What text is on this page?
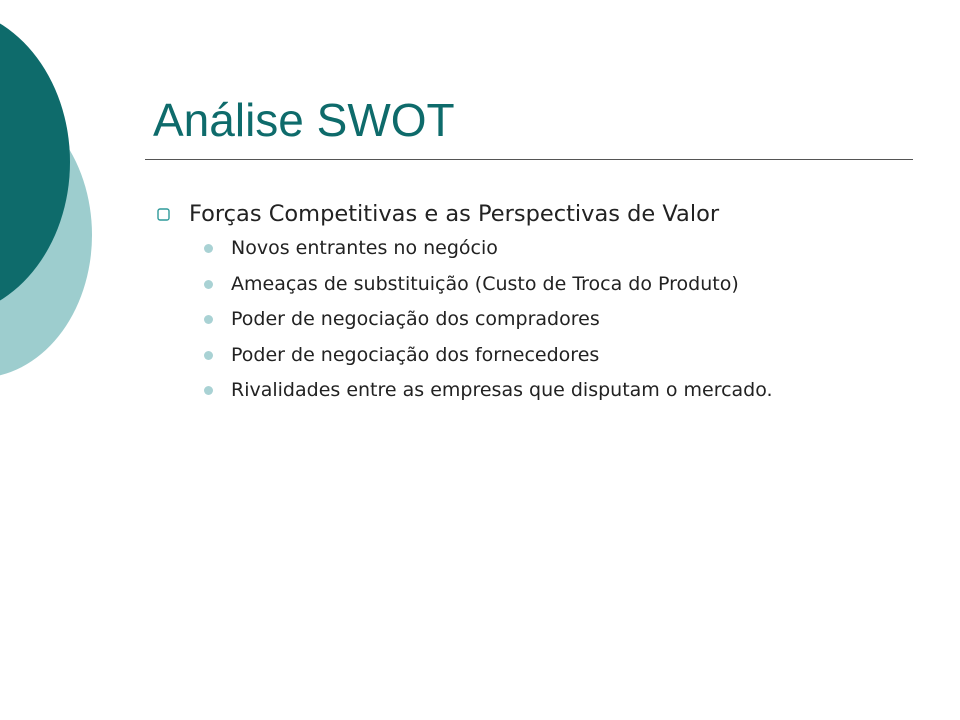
Análise SWOT
Forças Competitivas e as Perspectivas de Valor
Novos entrantes no negócio
Ameaças de substituição (Custo de Troca do Produto)
Poder de negociação dos compradores
Poder de negociação dos fornecedores
Rivalidades entre as empresas que disputam o mercado.
